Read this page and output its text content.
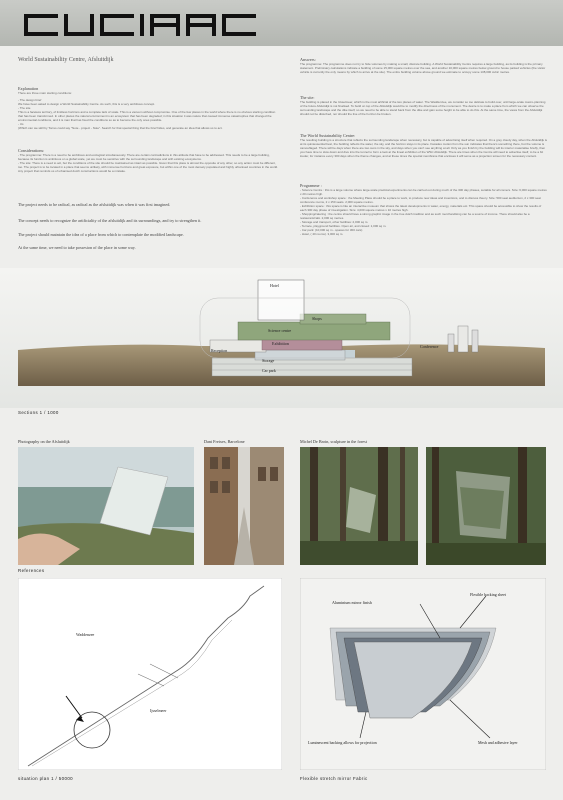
World Sustainability Centre, Afsluitdijk
Explanation
There are three main starting conditions:
- The design brief
We have been asked to design a World Sustainability Centre. As such, this is a very ambitious concept.
- The site
This is a faceless territory, of limitless horizons and a complete lack of scale. This is a vacuum without compromise. One of the few places in the world where there is no obvious starting condition that has been transformed. In other places the natural environment is an ecosystem that has been degraded; in this situation it was nature that caused immense catastrophes that changed the environmental conditions, and it is man that has fixed the conditions so as to become the only ones possible.
- Us
(Which can we skill by Torres could say "Note - project - Note". Search for that special thing that the brief hides, and generate an idea that allows us to act.
Considerations:
- The programme: There is a need to be ambitious and ecological simultaneously. There are certain contradictions in this attitude that have to be addressed. This needs to be a large building, because its function is ambitious on a global scale, yet we must be sensitive with the surrounding landscape and with existing ecosystems.
- The site: There is a need to act, but the conditions of the site should be maintained as intact as possible. Given that this place is almost the opposite of any other, so any action must be different, too. The project is to be located in a place that seems unlikely, with immense horizons and great exposure, but within one of the most densely populated and highly urbanised countries in the world. Any project that reminds us of urbanised dutch constructions would be a mistake.
The project needs to be radical, as radical as the afsluitdijk was when it was first imagined.
The concept needs to recognize the artificiality of the afsluitdijk and its surroundings, and try to strengthen it.
The project should maintain the idea of a place from which to contemplate the modified landscape.
At the same time, we need to take possesion of the place in some way.
Answers:
The programme: The programme does not try to hide volumes by making a small, discrete building. A World Sustainability Centre requires a large building, as its building is the primary statement. Preliminary calculations indicate a building of some 15,000 square metres over the sea, and another 10,000 square metres below ground to house parked vehicles (the visitor vehicle is currently the only means by which to arrive at the site). The entire building volume above ground we estimate to occupy some 138,000 cubic metres.
The site:
The building is placed in the IJsselmeer, which is the most artificial of the two planes of water. The Waddenzee, we consider so too delicate to build over, until large-scale macro-planning of the future Afsluitdijk is not finalised. To build on top of the Afsluitdijk would be to modify the directness of the monument. The desire is to make a place from which we can observe the surrounding landscape and the dike itself, so we need to be able to stand back from the dike and gain some height to be able to do this. At the same time, the views from the Afsluitdijk should not be disturbed, nor should the line of the horizon be broken.
The World Sustainability Centre:
The resulting building is a structure that reflects the surrounding landscape when necessary, but is capable of advertising itself when required. On a grey cloudy day, when the Afsluitdijk is at its quintessential best, the building reflects the water, the sky, and the horizon stays in its place. Facades motion from the sun indicates that there's something there, but the volume is camouflaged. There will be days when there are two suns in the sky, and days when you can't see anything at all. Only as you finish by the building will its interior materialise briefly, then you have time to slow down and dive into the tunnel to form a look at the lineal exhibition of the WSC Afsluitdijk. There are times when the Centre will need to advertise itself, to be a bit louder, for instance every 300 days when the theme changes, and at these times the special membrane that encloses it will serve as a projection screen for the necessary content.
Programme :
- Science Centre : this is a large volume where large-scale practical experiments can be carried out during much of the 300 day phases, suitable for all comers. Size: 6,000 square metres x 20 metres high.
- Conference and workshop space : the Meeting Place should be a place to work, to produce new ideas and inventions, and to discuss theory. Size: 500 seat auditorium, 2 x 300 seat conference rooms, 2 x 150 seats. 2,000 square metres.
- Exhibition space : this space is like an interactive museum that shows the latest developments in water, energy, materials etc. This space should be accessible to show the results of each 300 day phase of investigation. Size: 4,000 square metres x 10 metres high.
- Shopping/catering : the centre should have a strong graphic image in the true dutch tradition and as such merchandising can be a source of income. There should also be a restaurant/café. 2,000 sq metres.
- Storage and transport, other facilities: 2,000 sq m.
- Terrace, playground facilities. Open air, and closed: 1,000 sq m.
- Car park: (10,000 sq m - spaces for 300 cars)
- Hotel, ( 40 rooms). 3,000 sq m.
Hotel
Shops
Science centre
Exhibition
Reception
Storage
Car park
Conference
Sections 1 / 1000
Photography on the Afsluitdijk	Dani Freixes, Barcelone	Michel De Broin, sculpture in the forest
References
Waddenzee
Ijsselmeer
situation plan 1 / 50000
Aluminium mirror finish
Flexible backing sheet
Luminescent backing allows for projection	Mesh and adhesive layer
Flexible stretch mirror Fabric
